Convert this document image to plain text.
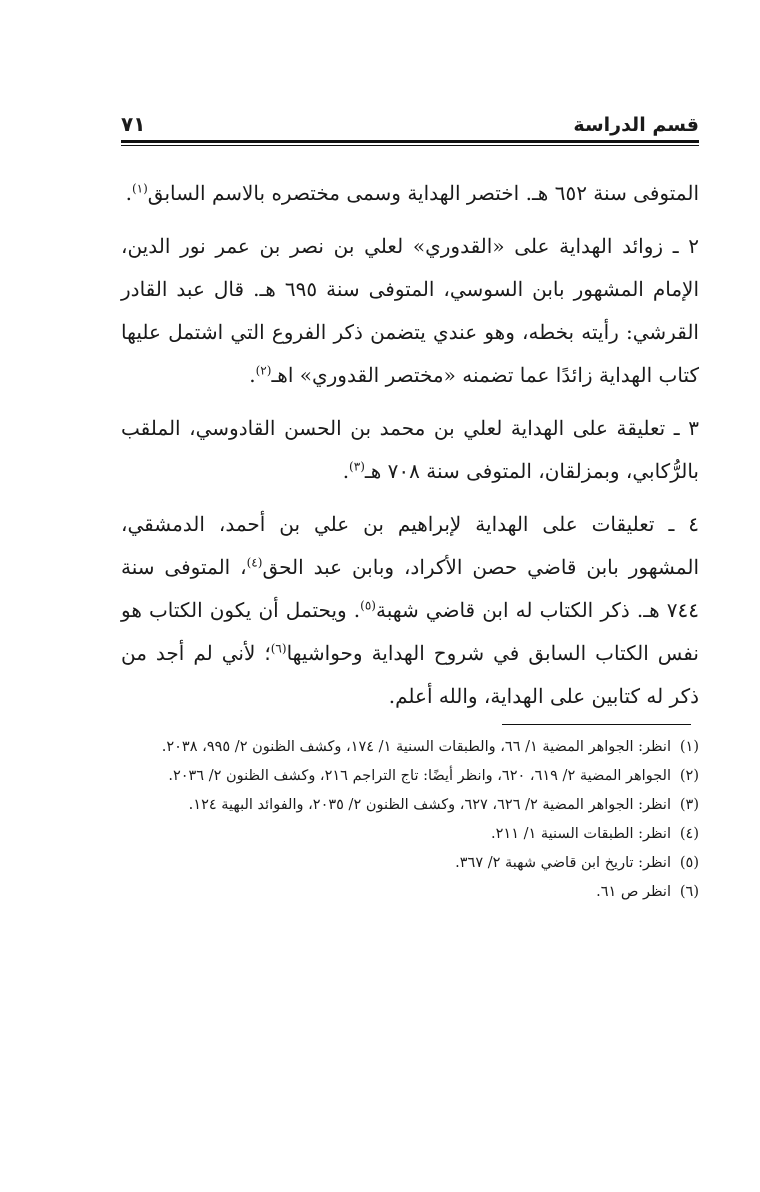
قسم الدراسة
٧١

المتوفى سنة ٦٥٢ هـ. اختصر الهداية وسمى مختصره بالاسم السابق$^{(١)}$.

٢ ـ زوائد الهداية على «القدوري» لعلي بن نصر بن عمر نور الدين، الإمام المشهور بابن السوسي، المتوفى سنة ٦٩٥ هـ. قال عبد القادر القرشي: رأيته بخطه، وهو عندي يتضمن ذكر الفروع التي اشتمل عليها كتاب الهداية زائدًا عما تضمنه «مختصر القدوري» اهـ$^{(٢)}$.

٣ ـ تعليقة على الهداية لعلي بن محمد بن الحسن القادوسي، الملقب بالرُّكابي، وبمزلقان، المتوفى سنة ٧٠٨ هـ$^{(٣)}$.

٤ ـ تعليقات على الهداية لإبراهيم بن علي بن أحمد، الدمشقي، المشهور بابن قاضي حصن الأكراد، وبابن عبد الحق$^{(٤)}$، المتوفى سنة ٧٤٤ هـ. ذكر الكتاب له ابن قاضي شهبة$^{(٥)}$. ويحتمل أن يكون الكتاب هو نفس الكتاب السابق في شروح الهداية وحواشيها$^{(٦)}$؛ لأني لم أجد من ذكر له كتابين على الهداية، والله أعلم.

(١)
انظر: الجواهر المضية ١/ ٦٦، والطبقات السنية ١/ ١٧٤، وكشف الظنون ٢/ ٩٩٥، ٢٠٣٨.
(٢)
الجواهر المضية ٢/ ٦١٩، ٦٢٠، وانظر أيضًا: تاج التراجم ٢١٦، وكشف الظنون ٢/ ٢٠٣٦.
(٣)
انظر: الجواهر المضية ٢/ ٦٢٦، ٦٢٧، وكشف الظنون ٢/ ٢٠٣٥، والفوائد البهية ١٢٤.
(٤)
انظر: الطبقات السنية ١/ ٢١١.
(٥)
انظر: تاريخ ابن قاضي شهبة ٢/ ٣٦٧.
(٦)
انظر ص ٦١.
